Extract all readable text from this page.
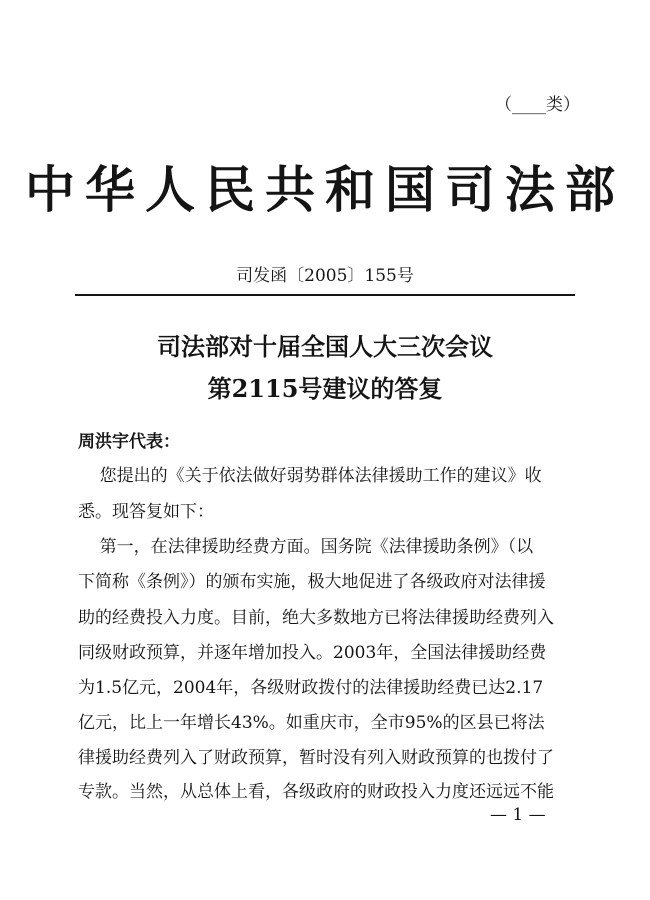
（____类）
中华人民共和国司法部
司发函〔2005〕155号
司法部对十届全国人大三次会议
第2115号建议的答复
周洪宇代表：
您提出的《关于依法做好弱势群体法律援助工作的建议》收
悉。现答复如下：
第一，在法律援助经费方面。国务院《法律援助条例》（以
下简称《条例》）的颁布实施，极大地促进了各级政府对法律援
助的经费投入力度。目前，绝大多数地方已将法律援助经费列入
同级财政预算，并逐年增加投入。2003年，全国法律援助经费
为1.5亿元，2004年，各级财政拨付的法律援助经费已达2.17
亿元，比上一年增长43%。如重庆市，全市95%的区县已将法
律援助经费列入了财政预算，暂时没有列入财政预算的也拨付了
专款。当然，从总体上看，各级政府的财政投入力度还远远不能
— 1 —
